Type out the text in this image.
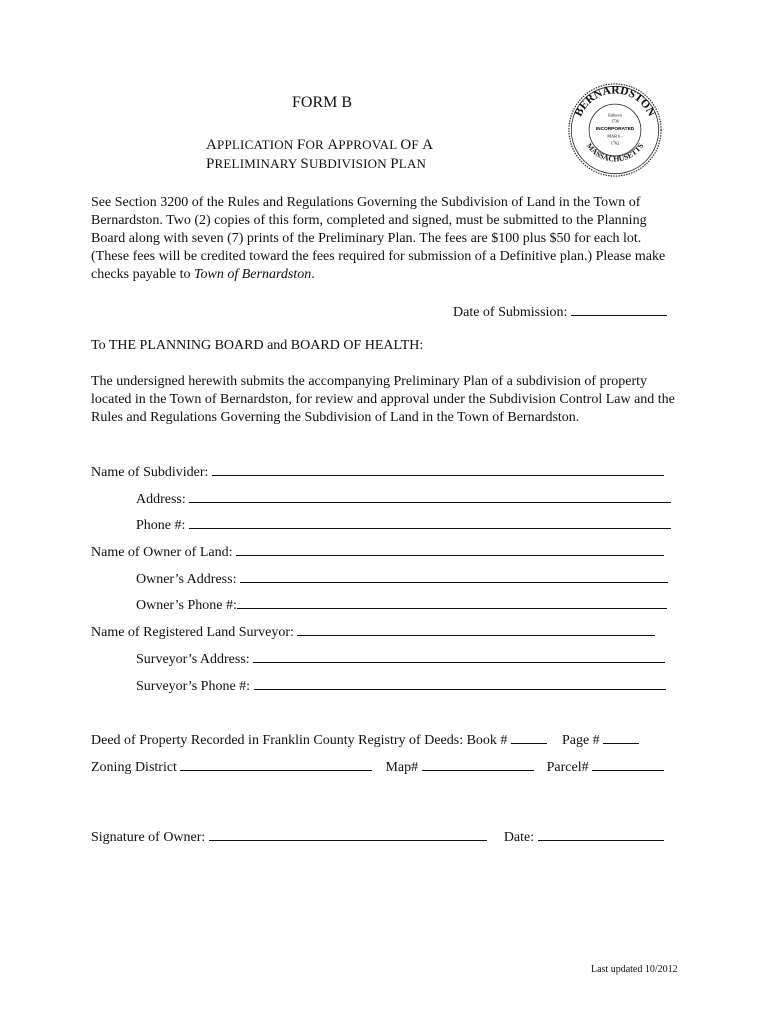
FORM B
APPLICATION FOR APPROVAL OF A
PRELIMINARY SUBDIVISION PLAN
BERNARDSTON
MASSACHUSETTS
Falltown
1736
INCORPORATED
MAR 6 -
1762
See Section 3200 of the Rules and Regulations Governing the Subdivision of Land in the Town of Bernardston. Two (2) copies of this form, completed and signed, must be submitted to the Planning Board along with seven (7) prints of the Preliminary Plan. The fees are $100 plus $50 for each lot. (These fees will be credited toward the fees required for submission of a Definitive plan.) Please make checks payable to Town of Bernardston.
Date of Submission:
To THE PLANNING BOARD and BOARD OF HEALTH:
The undersigned herewith submits the accompanying Preliminary Plan of a subdivision of property located in the Town of Bernardston, for review and approval under the Subdivision Control Law and the Rules and Regulations Governing the Subdivision of Land in the Town of Bernardston.
Name of Subdivider:
Address:
Phone #:
Name of Owner of Land:
Owner’s Address:
Owner’s Phone #:
Name of Registered Land Surveyor:
Surveyor’s Address:
Surveyor’s Phone #:
Deed of Property Recorded in Franklin County Registry of Deeds: Book #	Page #
Zoning District	Map#	Parcel#
Signature of Owner:	Date:
Last updated 10/2012
